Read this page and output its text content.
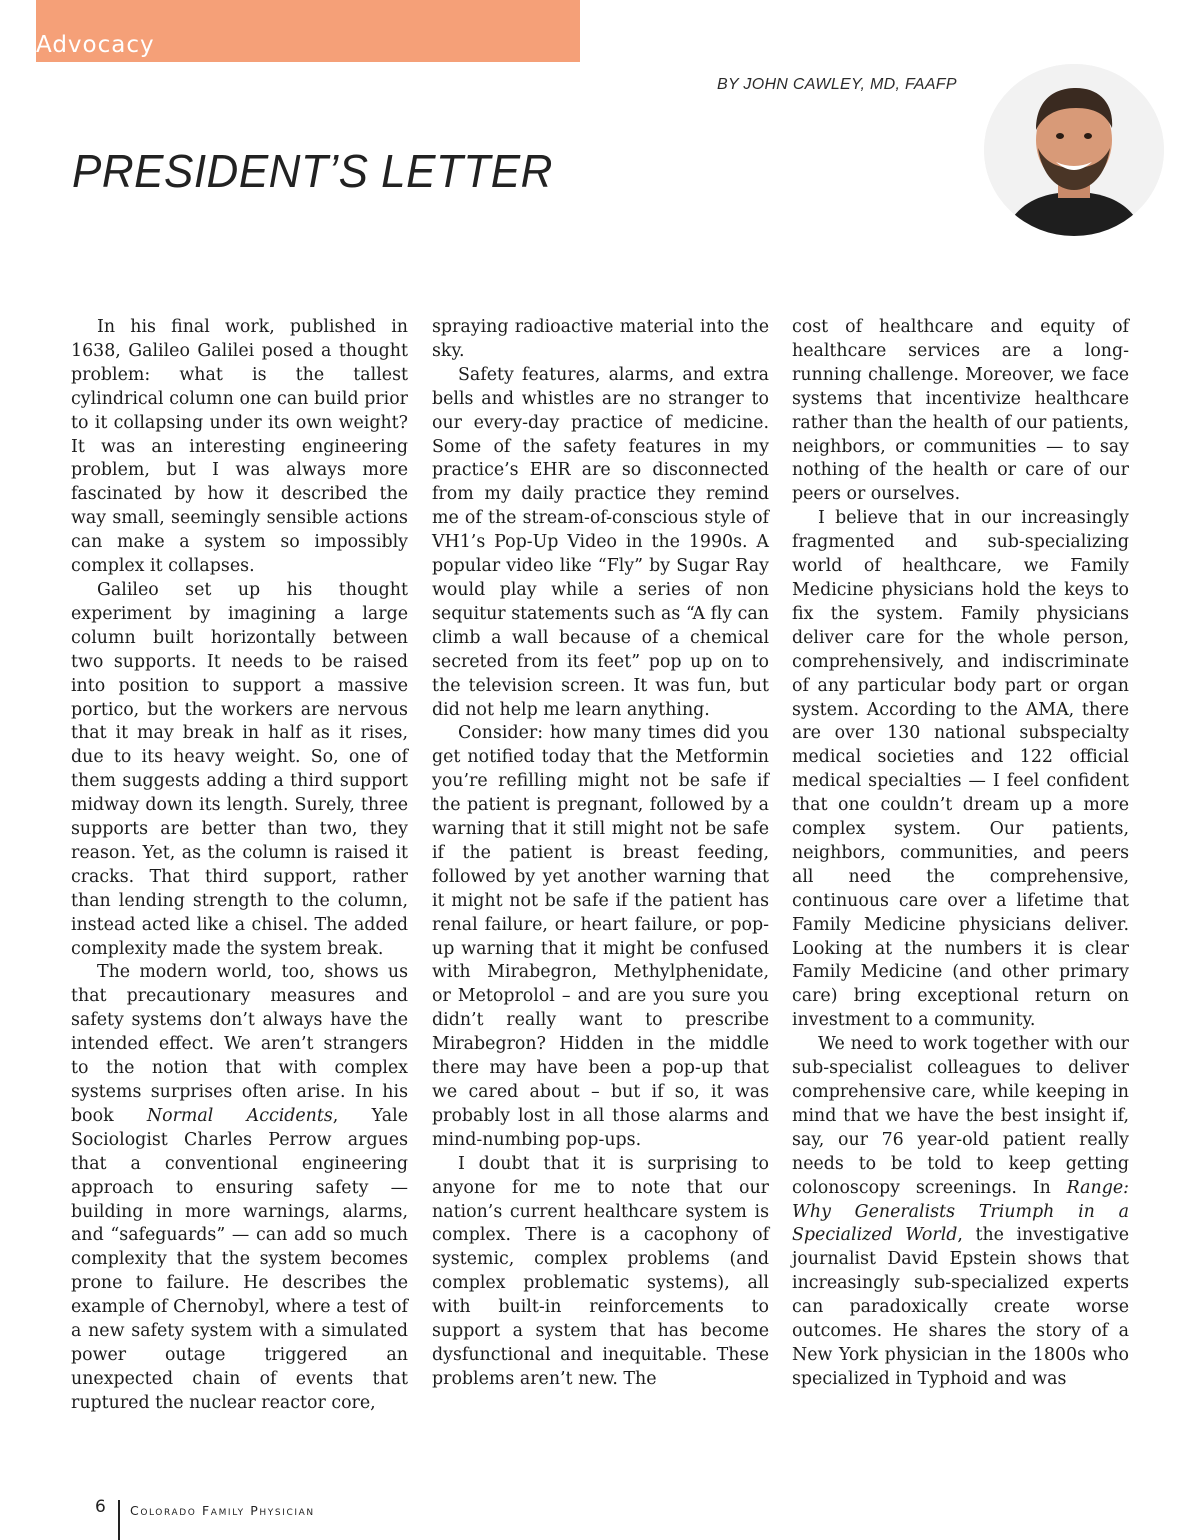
Advocacy
BY JOHN CAWLEY, MD, FAAFP
PRESIDENT’S LETTER

In his final work, published in 1638, Galileo Galilei posed a thought problem: what is the tallest cylindrical column one can build prior to it collapsing under its own weight? It was an interesting engineering problem, but I was always more fascinated by how it described the way small, seemingly sensible actions can make a system so impossibly complex it collapses.

Galileo set up his thought experiment by imagining a large column built horizontally between two supports. It needs to be raised into position to support a massive portico, but the workers are nervous that it may break in half as it rises, due to its heavy weight. So, one of them suggests adding a third support midway down its length. Surely, three supports are better than two, they reason. Yet, as the column is raised it cracks. That third support, rather than lending strength to the column, instead acted like a chisel. The added complexity made the system break.

The modern world, too, shows us that precautionary measures and safety systems don’t always have the intended effect. We aren’t strangers to the notion that with complex systems surprises often arise. In his book Normal Accidents, Yale Sociologist Charles Perrow argues that a conventional engineering approach to ensuring safety — building in more warnings, alarms, and “safeguards” — can add so much complexity that the system becomes prone to failure. He describes the example of Chernobyl, where a test of a new safety system with a simulated power outage triggered an unexpected chain of events that ruptured the nuclear reactor core,

spraying radioactive material into the sky.

Safety features, alarms, and extra bells and whistles are no stranger to our every-day practice of medicine. Some of the safety features in my practice’s EHR are so disconnected from my daily practice they remind me of the stream-of-conscious style of VH1’s Pop-Up Video in the 1990s. A popular video like “Fly” by Sugar Ray would play while a series of non sequitur statements such as “A fly can climb a wall because of a chemical secreted from its feet” pop up on to the television screen. It was fun, but did not help me learn anything.

Consider: how many times did you get notified today that the Metformin you’re refilling might not be safe if the patient is pregnant, followed by a warning that it still might not be safe if the patient is breast feeding, followed by yet another warning that it might not be safe if the patient has renal failure, or heart failure, or pop-up warning that it might be confused with Mirabegron, Methylphenidate, or Metoprolol – and are you sure you didn’t really want to prescribe Mirabegron? Hidden in the middle there may have been a pop-up that we cared about – but if so, it was probably lost in all those alarms and mind-numbing pop-ups.

I doubt that it is surprising to anyone for me to note that our nation’s current healthcare system is complex. There is a cacophony of systemic, complex problems (and complex problematic systems), all with built-in reinforcements to support a system that has become dysfunctional and inequitable. These problems aren’t new. The

cost of healthcare and equity of healthcare services are a long-running challenge. Moreover, we face systems that incentivize healthcare rather than the health of our patients, neighbors, or communities — to say nothing of the health or care of our peers or ourselves.

I believe that in our increasingly fragmented and sub-specializing world of healthcare, we Family Medicine physicians hold the keys to fix the system. Family physicians deliver care for the whole person, comprehensively, and indiscriminate of any particular body part or organ system. According to the AMA, there are over 130 national subspecialty medical societies and 122 official medical specialties — I feel confident that one couldn’t dream up a more complex system. Our patients, neighbors, communities, and peers all need the comprehensive, continuous care over a lifetime that Family Medicine physicians deliver. Looking at the numbers it is clear Family Medicine (and other primary care) bring exceptional return on investment to a community.

We need to work together with our sub-specialist colleagues to deliver comprehensive care, while keeping in mind that we have the best insight if, say, our 76 year-old patient really needs to be told to keep getting colonoscopy screenings. In Range: Why Generalists Triumph in a Specialized World, the investigative journalist David Epstein shows that increasingly sub-specialized experts can paradoxically create worse outcomes. He shares the story of a New York physician in the 1800s who specialized in Typhoid and was

6 Colorado Family Physician
